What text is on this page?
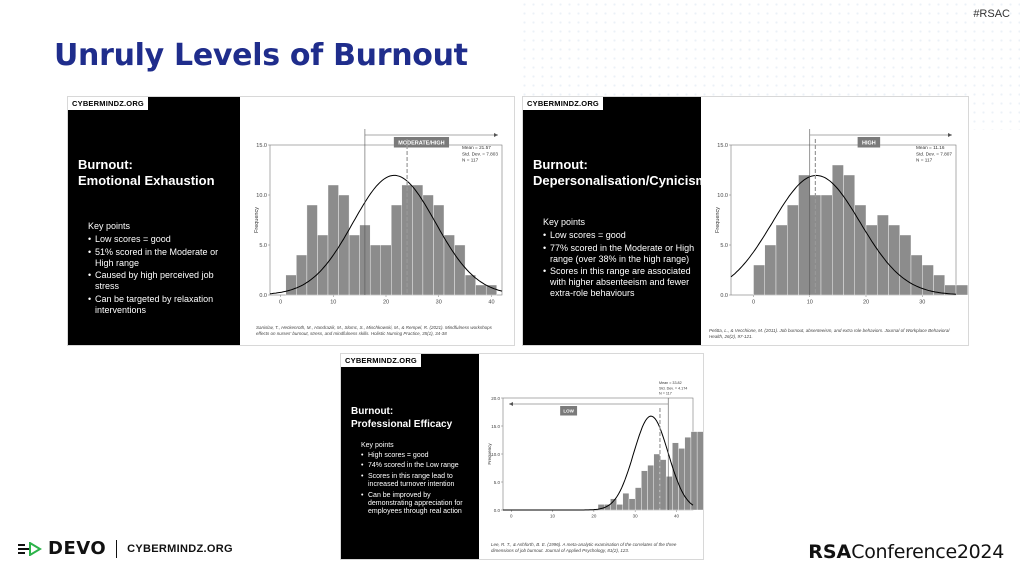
#RSAC
Unruly Levels of Burnout
CYBERMINDZ.ORG
Burnout:
Emotional Exhaustion
Key points
• Low scores = good
• 51% scored in the Moderate or High range
• Caused by high perceived job stress
• Can be targeted by relaxation interventions
0.0
5.0
10.0
15.0
0	10	20	30	40
Frequency
MODERATE/HIGH
Mean = 21.57
Std. Dev. = 7.803
N = 117
Sanislav, T., Heckenroth, M., Handrazik, M., Slomc, S., Mischkowski, M., & Rempel, R. (2021). Mindfulness workshops effects on nurses' burnout, stress, and mindfulness skills. Holistic Nursing Practice, 35(1), 34-38
CYBERMINDZ.ORG
Burnout:
Depersonalisation/Cynicism
Key points
• Low scores = good
• 77% scored in the Moderate or High range (over 38% in the high range)
• Scores in this range are associated with higher absenteeism and fewer extra-role behaviours	0.0
5.0
10.0
15.0
0	10	20	30
Frequency
HIGH
Mean = 11.16
Std. Dev. = 7.807
N = 117
Petitta, L., & Vecchione, M. (2011). Job burnout, absenteeism, and extra role behaviors. Journal of Workplace Behavioral Health, 26(2), 97-121.
CYBERMINDZ.ORG
Burnout:
Professional Efficacy
Key points
• High scores = good
• 74% scored in the Low range
• Scores in this range lead to increased turnover intention
• Can be improved by demonstrating appreciation for employees through real action	0.0
5.0
10.0
15.0
20.0
0	10	20	30	40
Frequency
LOW
Mean = 33.82
Std. Dev. = 4.174
N = 117
Lee, R. T., & Ashforth, B. E. (1996). A meta-analytic examination of the correlates of the three dimensions of job burnout. Journal of Applied Psychology, 81(2), 123.
DEVO CYBERMINDZ.ORG	RSAConference2024
